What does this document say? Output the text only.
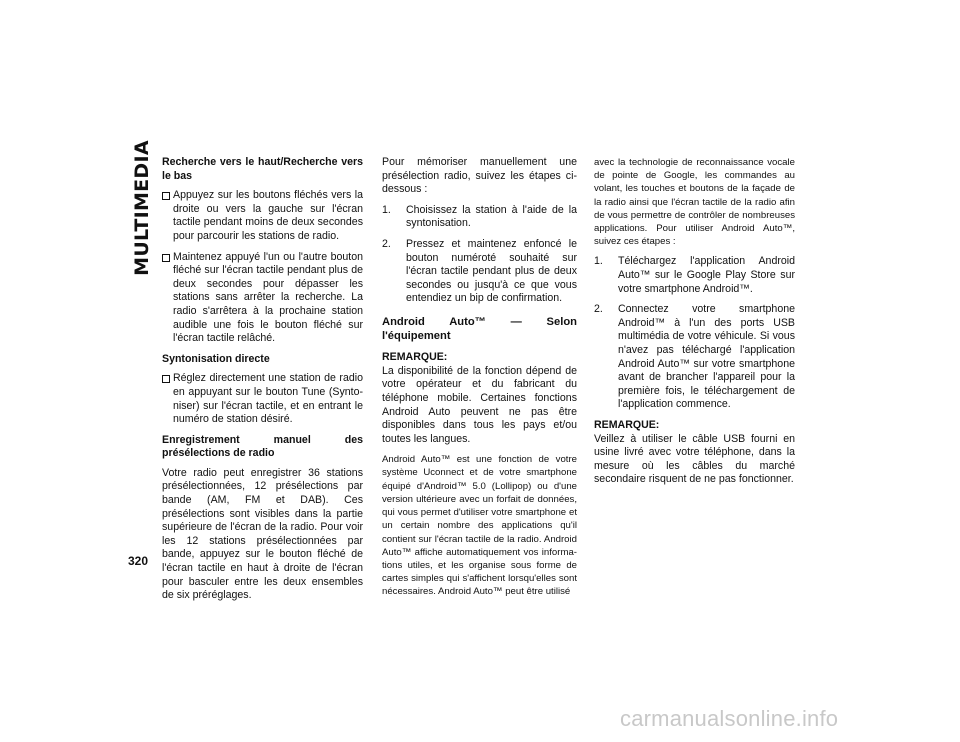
MULTIMEDIA
320

Recherche vers le haut/Recherche vers le bas

Appuyez sur les boutons fléchés vers la droite ou vers la gauche sur l'écran tactile pendant moins de deux secondes pour parcourir les stations de radio.
Maintenez appuyé l'un ou l'autre bouton fléché sur l'écran tactile pendant plus de deux secondes pour dépasser les stations sans arrêter la recherche. La radio s'arrêtera à la prochaine station audible une fois le bouton fléché sur l'écran tactile relâché.

Syntonisation directe

Réglez directement une station de radio en appuyant sur le bouton Tune (Syntoniser) sur l'écran tactile, et en entrant le numéro de station désiré.

Enregistrement manuel des présélections de radio

Votre radio peut enregistrer 36 stations présélectionnées, 12 présélections par bande (AM, FM et DAB). Ces présélections sont visibles dans la partie supérieure de l'écran de la radio. Pour voir les 12 stations présélectionnées par bande, appuyez sur le bouton fléché de l'écran tactile en haut à droite de l'écran pour basculer entre les deux ensembles de six préréglages.

Pour mémoriser manuellement une présélection radio, suivez les étapes ci-dessous :

1. Choisissez la station à l'aide de la syntonisation.
2. Pressez et maintenez enfoncé le bouton numéroté souhaité sur l'écran tactile pendant plus de deux secondes ou jusqu'à ce que vous entendiez un bip de confirmation.

Android Auto™ — Selon l'équipement

REMARQUE:

La disponibilité de la fonction dépend de votre opérateur et du fabricant du téléphone mobile. Certaines fonctions Android Auto peuvent ne pas être disponibles dans tous les pays et/ou toutes les langues.

Android Auto™ est une fonction de votre système Uconnect et de votre smartphone équipé d'Android™ 5.0 (Lollipop) ou d'une version ultérieure avec un forfait de données, qui vous permet d'utiliser votre smartphone et un certain nombre des applications qu'il contient sur l'écran tactile de la radio. Android Auto™ affiche automatiquement vos informations utiles, et les organise sous forme de cartes simples qui s'affichent lorsqu'elles sont nécessaires. Android Auto™ peut être utilisé

avec la technologie de reconnaissance vocale de pointe de Google, les commandes au volant, les touches et boutons de la façade de la radio ainsi que l'écran tactile de la radio afin de vous permettre de contrôler de nombreuses applications. Pour utiliser Android Auto™, suivez ces étapes :

1. Téléchargez l'application Android Auto™ sur le Google Play Store sur votre smartphone Android™.
2. Connectez votre smartphone Android™ à l'un des ports USB multimédia de votre véhicule. Si vous n'avez pas téléchargé l'application Android Auto™ sur votre smartphone avant de brancher l'appareil pour la première fois, le téléchargement de l'application commence.

REMARQUE:

Veillez à utiliser le câble USB fourni en usine livré avec votre téléphone, dans la mesure où les câbles du marché secondaire risquent de ne pas fonctionner.

carmanualsonline.info
